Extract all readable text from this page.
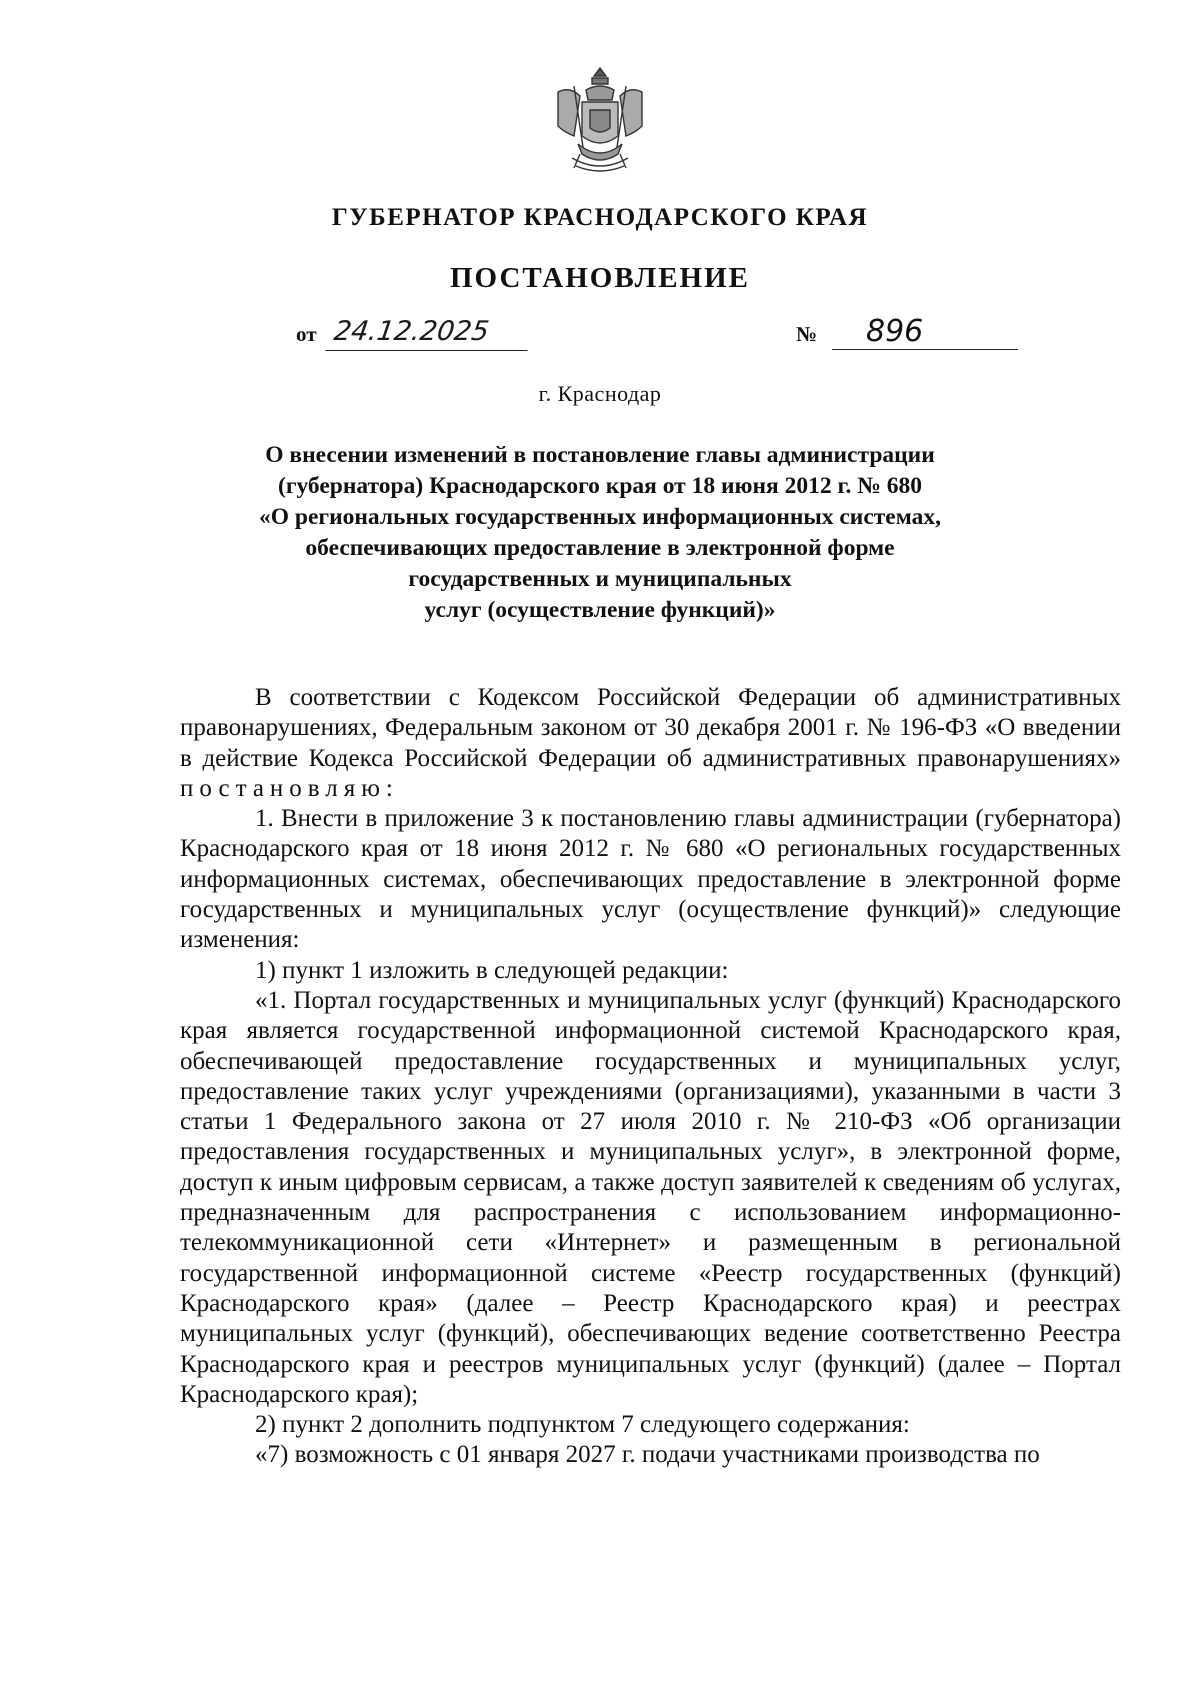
ГУБЕРНАТОР КРАСНОДАРСКОГО КРАЯ
ПОСТАНОВЛЕНИЕ
от 24.12.2025	№	896
г. Краснодар
О внесении изменений в постановление главы администрации
(губернатора) Краснодарского края от 18 июня 2012 г. № 680
«О региональных государственных информационных системах,
обеспечивающих предоставление в электронной форме
государственных и муниципальных
услуг (осуществление функций)»

В соответствии с Кодексом Российской Федерации об административных правонарушениях, Федеральным законом от 30 декабря 2001 г. № 196-ФЗ «О введении в действие Кодекса Российской Федерации об административных правонарушениях» постановляю:

1. Внести в приложение 3 к постановлению главы администрации (губернатора) Краснодарского края от 18 июня 2012 г. № 680 «О региональных государственных информационных системах, обеспечивающих предоставление в электронной форме государственных и муниципальных услуг (осуществление функций)» следующие изменения:

1) пункт 1 изложить в следующей редакции:

«1. Портал государственных и муниципальных услуг (функций) Краснодарского края является государственной информационной системой Краснодарского края, обеспечивающей предоставление государственных и муниципальных услуг, предоставление таких услуг учреждениями (организациями), указанными в части 3 статьи 1 Федерального закона от 27 июля 2010 г. № 210-ФЗ «Об организации предоставления государственных и муниципальных услуг», в электронной форме, доступ к иным цифровым сервисам, а также доступ заявителей к сведениям об услугах, предназначенным для распространения с использованием информационно-телекоммуникационной сети «Интернет» и размещенным в региональной государственной информационной системе «Реестр государственных (функций) Краснодарского края» (далее – Реестр Краснодарского края) и реестрах муниципальных услуг (функций), обеспечивающих ведение соответственно Реестра Краснодарского края и реестров муниципальных услуг (функций) (далее – Портал Краснодарского края);

2) пункт 2 дополнить подпунктом 7 следующего содержания:

«7) возможность с 01 января 2027 г. подачи участниками производства по
